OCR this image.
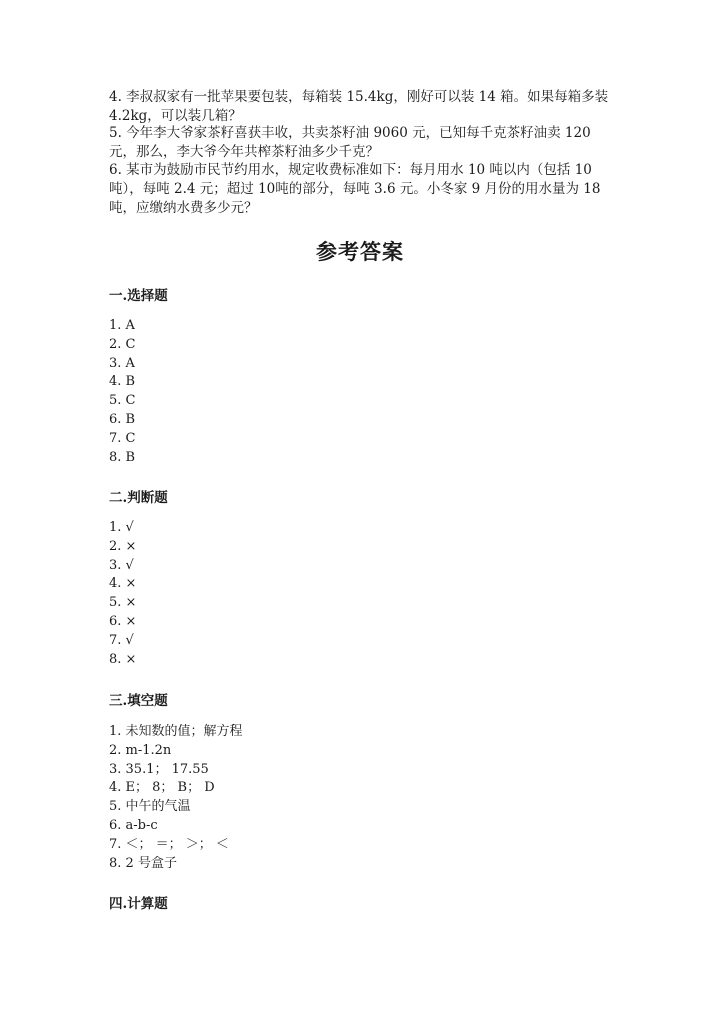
4. 李叔叔家有一批苹果要包装，每箱装 15.4kg，刚好可以装 14 箱。如果每箱多装 4.2kg，可以装几箱？
5. 今年李大爷家茶籽喜获丰收，共卖茶籽油 9060 元，已知每千克茶籽油卖 120 元，那么，李大爷今年共榨茶籽油多少千克？
6. 某市为鼓励市民节约用水，规定收费标准如下：每月用水 10 吨以内（包括 10吨），每吨 2.4 元；超过 10吨的部分，每吨 3.6 元。小冬家 9 月份的用水量为 18 吨，应缴纳水费多少元？
参考答案
一.选择题
1. A
2. C
3. A
4. B
5. C
6. B
7. C
8. B
二.判断题
1. √
2. ×
3. √
4. ×
5. ×
6. ×
7. √
8. ×
三.填空题
1. 未知数的值；解方程
2. m-1.2n
3. 35.1； 17.55
4. E； 8； B； D
5. 中午的气温
6. a-b-c
7. ＜； ＝； ＞； ＜
8. 2 号盒子
四.计算题
